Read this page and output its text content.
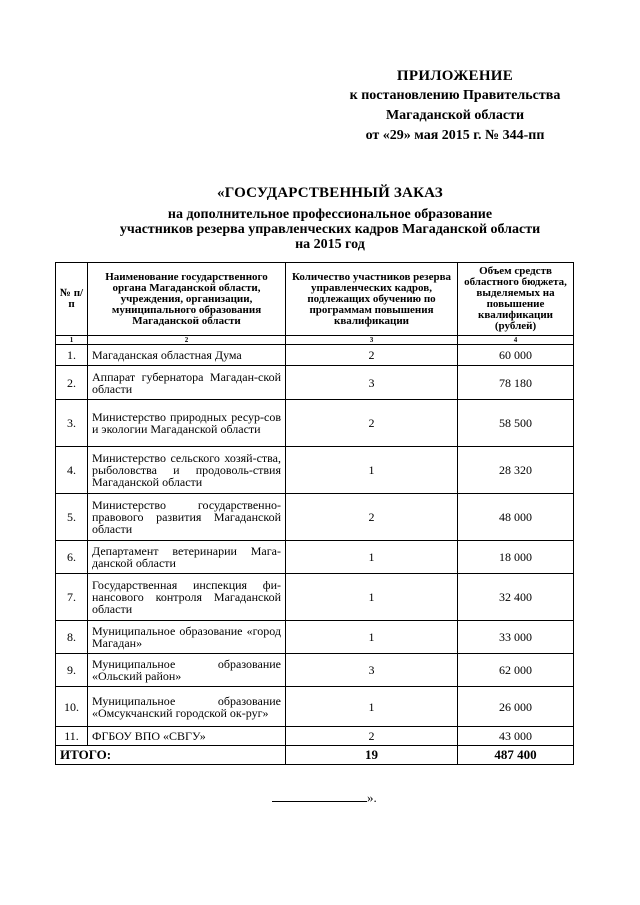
ПРИЛОЖЕНИЕ
к постановлению Правительства
Магаданской области
от «29» мая 2015 г. № 344-пп
«ГОСУДАРСТВЕННЫЙ ЗАКАЗ
на дополнительное профессиональное образование
участников резерва управленческих кадров Магаданской области
на 2015 год
№ п/п	Наименование государственного органа Магаданской области, учреждения, организации, муниципального образования Магаданской области	Количество участников резерва управленческих кадров, подлежащих обучению по программам повышения квалификации	Объем средств областного бюджета, выделяемых на повышение квалификации (рублей)
1	2	3	4
1.	Магаданская областная Дума	2	60 000
2.	Аппарат губернатора Магадан-ской области	3	78 180
3.	Министерство природных ресур-сов и экологии Магаданской области	2	58 500
4.	Министерство сельского хозяй-ства, рыболовства и продоволь-ствия Магаданской области	1	28 320
5.	Министерство государственно-правового развития Магаданской области	2	48 000
6.	Департамент ветеринарии Мага-данской области	1	18 000
7.	Государственная инспекция фи-нансового контроля Магаданской области	1	32 400
8.	Муниципальное образование «город Магадан»	1	33 000
9.	Муниципальное образование «Ольский район»	3	62 000
10.	Муниципальное образование «Омсукчанский городской ок-руг»	1	26 000
11.	ФГБОУ ВПО «СВГУ»	2	43 000
ИТОГО:		19	487 400
».
